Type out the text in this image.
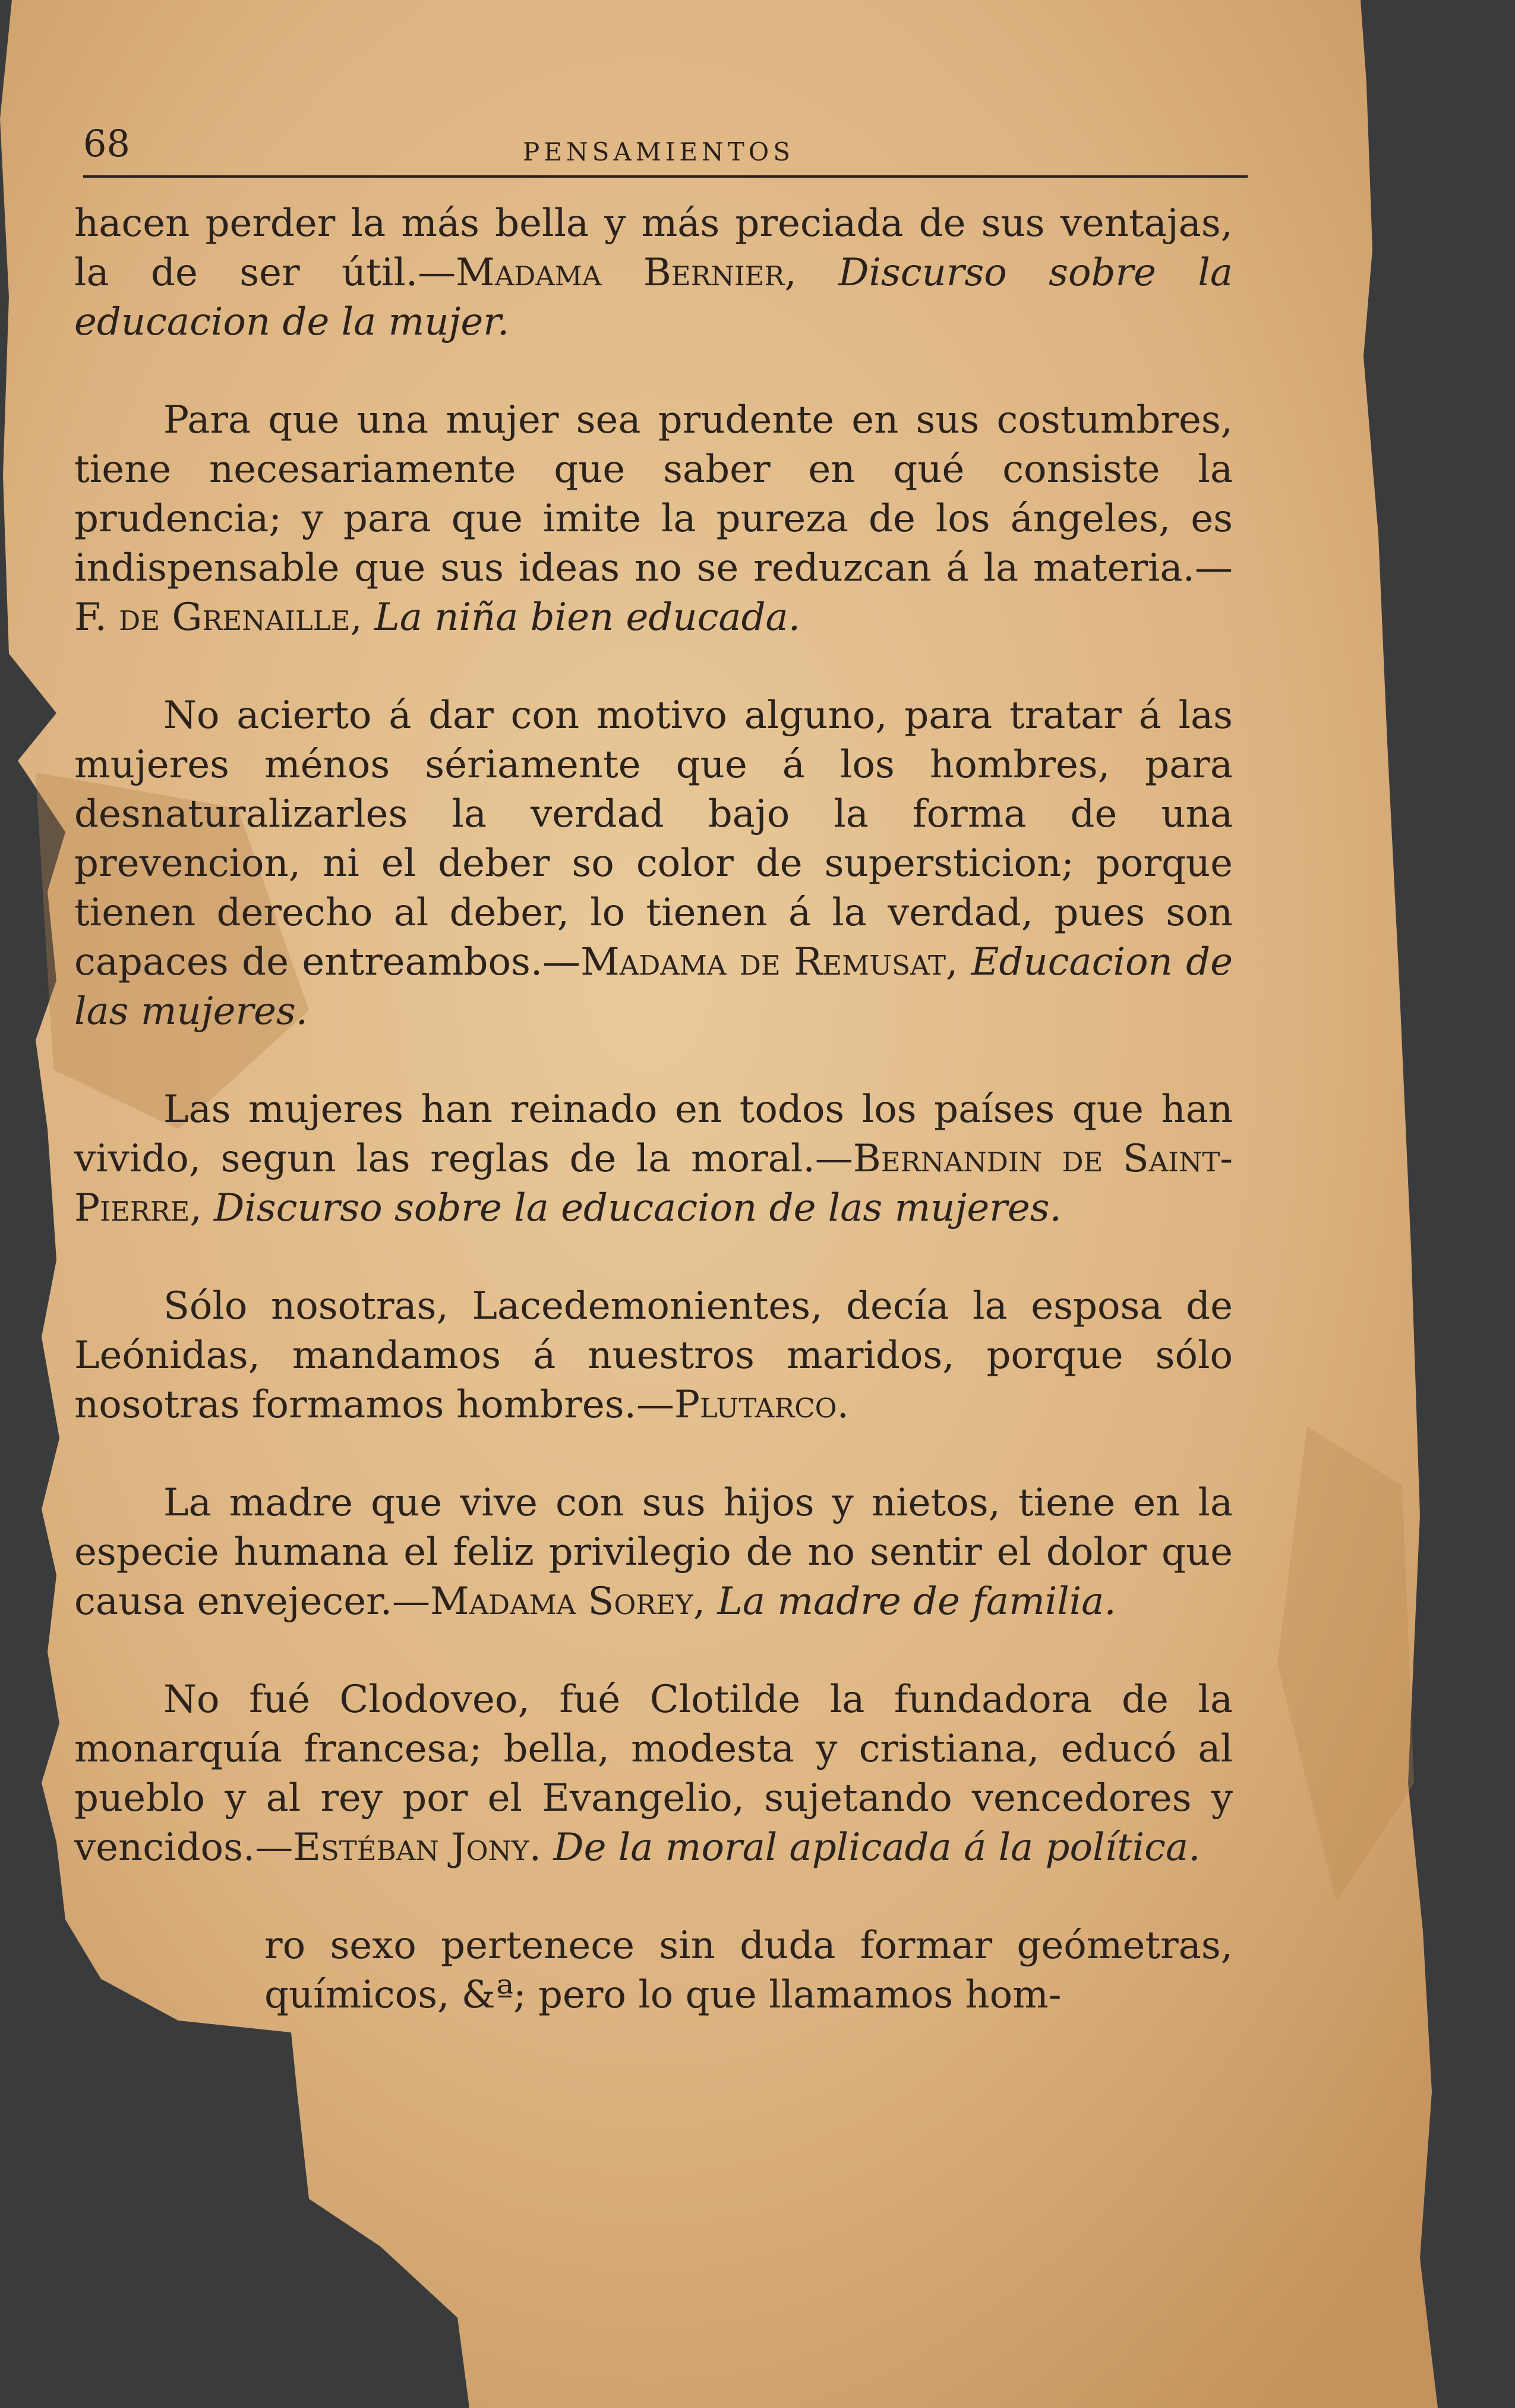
68	PENSAMIENTOS
hacen perder la más bella y más preciada de sus ventajas, la de ser útil.—Madama Bernier, Discurso sobre la educacion de la mujer.
Para que una mujer sea prudente en sus costumbres, tiene necesariamente que saber en qué consiste la prudencia; y para que imite la pureza de los ángeles, es indispensable que sus ideas no se reduzcan á la materia.—F. de Grenaille, La niña bien educada.
No acierto á dar con motivo alguno, para tratar á las mujeres ménos sériamente que á los hombres, para desnaturalizarles la verdad bajo la forma de una prevencion, ni el deber so color de supersticion; porque tienen derecho al deber, lo tienen á la verdad, pues son capaces de entreambos.—Madama de Remusat, Educacion de las mujeres.
Las mujeres han reinado en todos los países que han vivido, segun las reglas de la moral.—Bernandin de Saint-Pierre, Discurso sobre la educacion de las mujeres.
Sólo nosotras, Lacedemonientes, decía la esposa de Leónidas, mandamos á nuestros maridos, porque sólo nosotras formamos hombres.—Plutarco.
La madre que vive con sus hijos y nietos, tiene en la especie humana el feliz privilegio de no sentir el dolor que causa envejecer.—Madama Sorey, La madre de familia.
No fué Clodoveo, fué Clotilde la fundadora de la monarquía francesa; bella, modesta y cristiana, educó al pueblo y al rey por el Evangelio, sujetando vencedores y vencidos.—Estéban Jony. De la moral aplicada á la política.
ro sexo pertenece sin duda formar geómetras, químicos, &ª; pero lo que llamamos hom-
